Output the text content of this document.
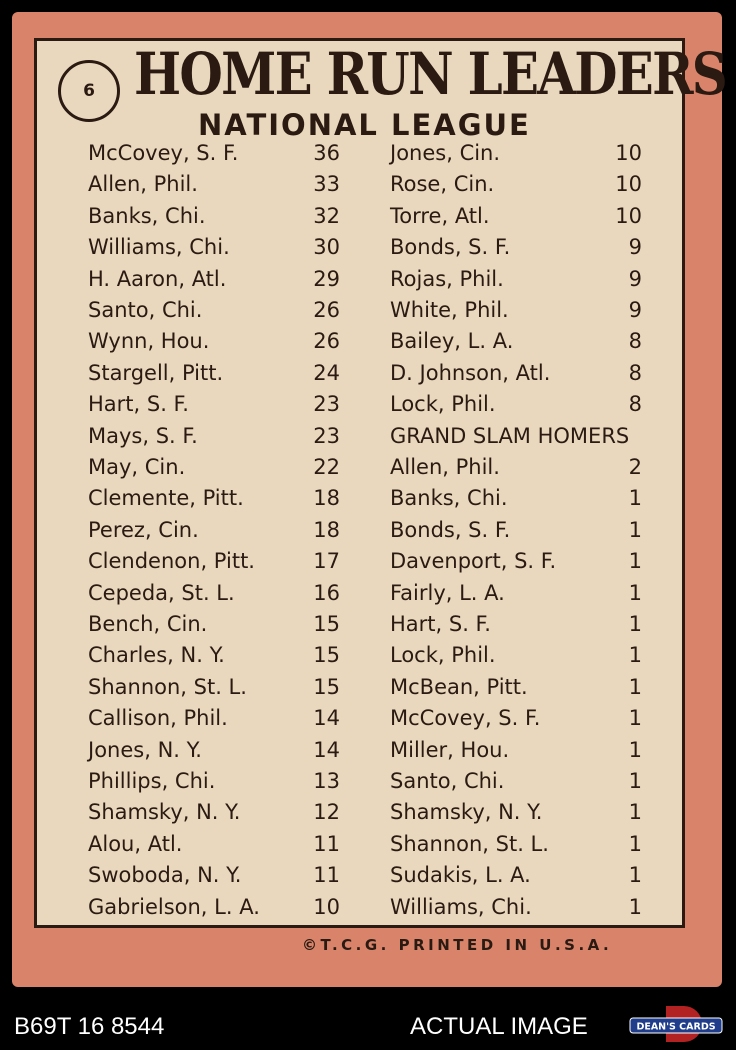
6 HOME RUN LEADERS
NATIONAL LEAGUE
McCovey, S. F.	36
Allen, Phil.	33
Banks, Chi.	32
Williams, Chi.	30
H. Aaron, Atl.	29
Santo, Chi.	26
Wynn, Hou.	26
Stargell, Pitt.	24
Hart, S. F.	23
Mays, S. F.	23
May, Cin.	22
Clemente, Pitt.	18
Perez, Cin.	18
Clendenon, Pitt.	17
Cepeda, St. L.	16
Bench, Cin.	15
Charles, N. Y.	15
Shannon, St. L.	15
Callison, Phil.	14
Jones, N. Y.	14
Phillips, Chi.	13
Shamsky, N. Y.	12
Alou, Atl.	11
Swoboda, N. Y.	11
Gabrielson, L. A.	10
Jones, Cin.	10
Rose, Cin.	10
Torre, Atl.	10
Bonds, S. F.	9
Rojas, Phil.	9
White, Phil.	9
Bailey, L. A.	8
D. Johnson, Atl.	8
Lock, Phil.	8
GRAND SLAM HOMERS
Allen, Phil.	2
Banks, Chi.	1
Bonds, S. F.	1
Davenport, S. F.	1
Fairly, L. A.	1
Hart, S. F.	1
Lock, Phil.	1
McBean, Pitt.	1
McCovey, S. F.	1
Miller, Hou.	1
Santo, Chi.	1
Shamsky, N. Y.	1
Shannon, St. L.	1
Sudakis, L. A.	1
Williams, Chi.	1
©T.C.G. PRINTED IN U.S.A.
B69T 16 8544	ACTUAL IMAGE	DEAN'S CARDS
